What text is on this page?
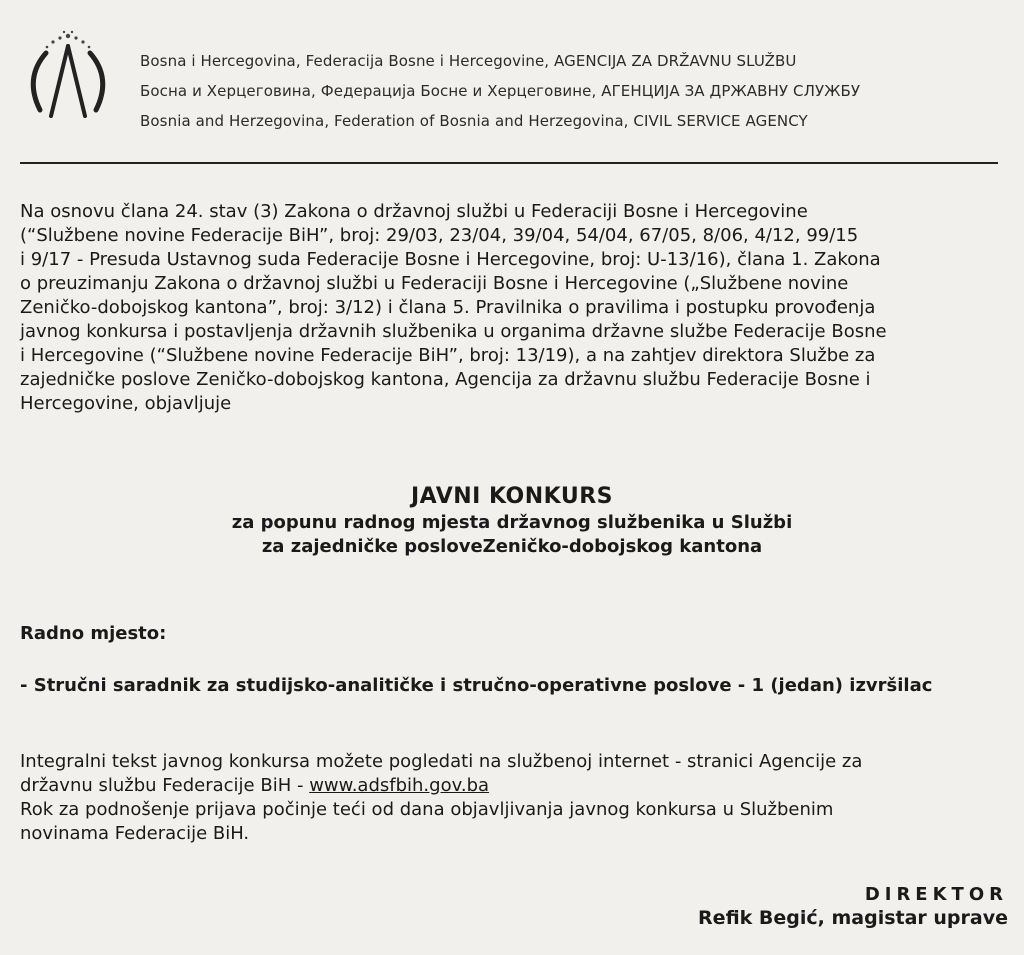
Bosna i Hercegovina, Federacija Bosne i Hercegovine, AGENCIJA ZA DRŽAVNU SLUŽBU
Босна и Херцеговина, Федерација Босне и Херцеговине, АГЕНЦИЈА ЗА ДРЖАВНУ СЛУЖБУ
Bosnia and Herzegovina, Federation of Bosnia and Herzegovina, CIVIL SERVICE AGENCY
Na osnovu člana 24. stav (3) Zakona o državnoj službi u Federaciji Bosne i Hercegovine
(“Službene novine Federacije BiH”, broj: 29/03, 23/04, 39/04, 54/04, 67/05, 8/06, 4/12, 99/15
i 9/17 - Presuda Ustavnog suda Federacije Bosne i Hercegovine, broj: U-13/16), člana 1. Zakona
o preuzimanju Zakona o državnoj službi u Federaciji Bosne i Hercegovine („Službene novine
Zeničko-dobojskog kantona”, broj: 3/12) i člana 5. Pravilnika o pravilima i postupku provođenja
javnog konkursa i postavljenja državnih službenika u organima državne službe Federacije Bosne
i Hercegovine (“Službene novine Federacije BiH”, broj: 13/19), a na zahtjev direktora Službe za
zajedničke poslove Zeničko-dobojskog kantona, Agencija za državnu službu Federacije Bosne i
Hercegovine, objavljuje

JAVNI KONKURS

za popunu radnog mjesta državnog službenika u Službi

za zajedničke posloveZeničko-dobojskog kantona

Radno mjesto:

- Stručni saradnik za studijsko-analitičke i stručno-operativne poslove - 1 (jedan) izvršilac

Integralni tekst javnog konkursa možete pogledati na službenoj internet - stranici Agencije za
državnu službu Federacije BiH - www.adsfbih.gov.ba
Rok za podnošenje prijava počinje teći od dana objavljivanja javnog konkursa u Službenim
novinama Federacije BiH.

DIREKTOR

Refik Begić, magistar uprave
